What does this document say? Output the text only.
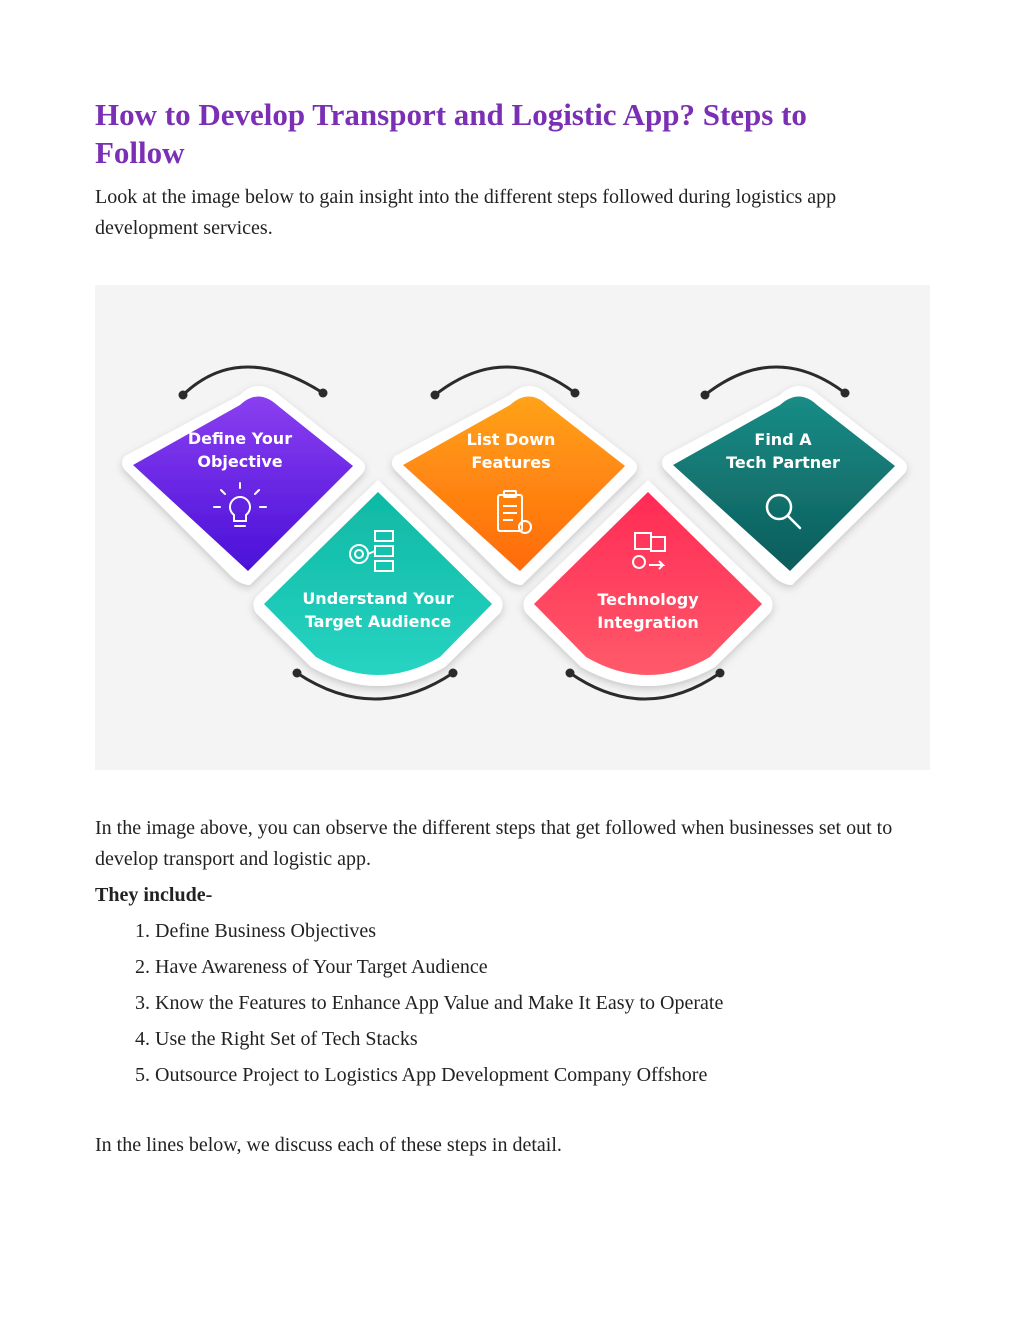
How to Develop Transport and Logistic App? Steps to Follow

Look at the image below to gain insight into the different steps followed during logistics app development services.

Define Your
Objective
Understand Your
Target Audience
List Down
Features
Technology
Integration
Find A
Tech Partner

In the image above, you can observe the different steps that get followed when businesses set out to develop transport and logistic app.

They include-

1. Define Business Objectives
2. Have Awareness of Your Target Audience
3. Know the Features to Enhance App Value and Make It Easy to Operate
4. Use the Right Set of Tech Stacks
5. Outsource Project to Logistics App Development Company Offshore

In the lines below, we discuss each of these steps in detail.
